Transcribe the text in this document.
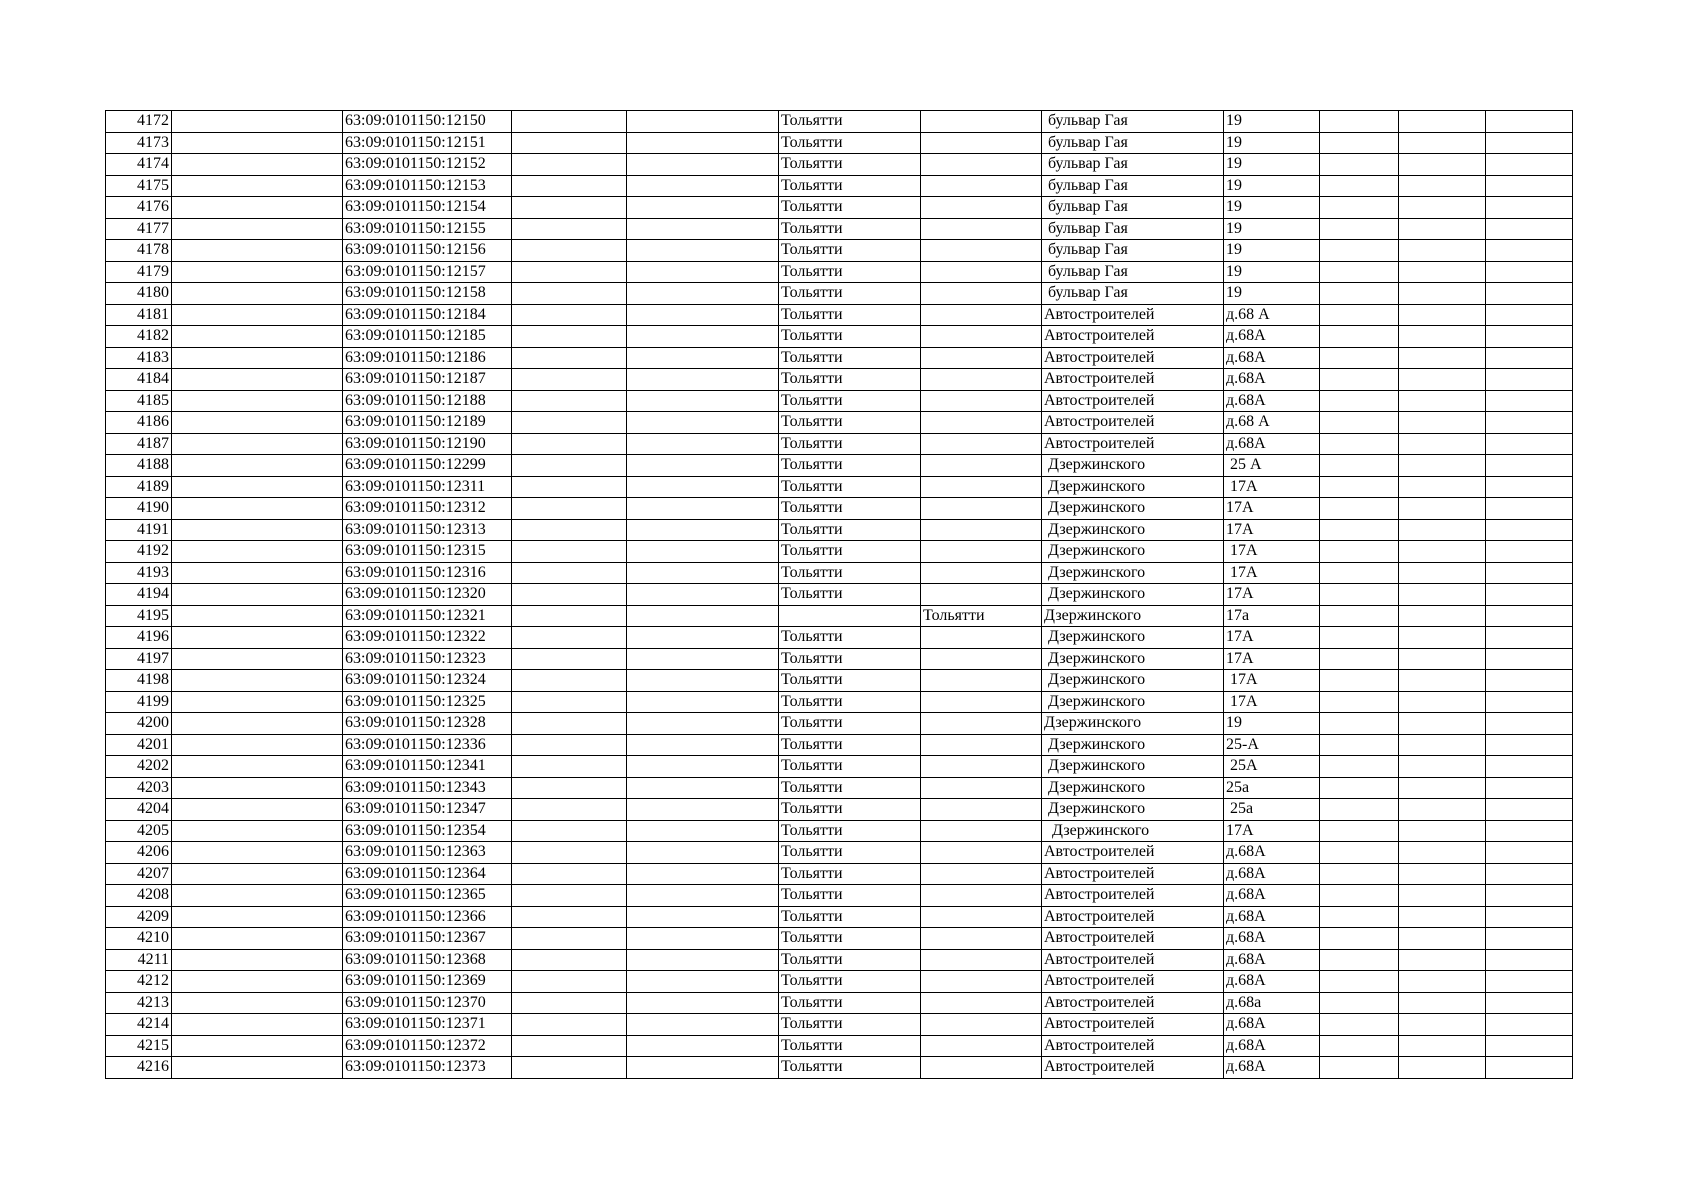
4172		63:09:0101150:12150			Тольятти		бульвар Гая	19			
4173		63:09:0101150:12151			Тольятти		бульвар Гая	19			
4174		63:09:0101150:12152			Тольятти		бульвар Гая	19			
4175		63:09:0101150:12153			Тольятти		бульвар Гая	19			
4176		63:09:0101150:12154			Тольятти		бульвар Гая	19			
4177		63:09:0101150:12155			Тольятти		бульвар Гая	19			
4178		63:09:0101150:12156			Тольятти		бульвар Гая	19			
4179		63:09:0101150:12157			Тольятти		бульвар Гая	19			
4180		63:09:0101150:12158			Тольятти		бульвар Гая	19			
4181		63:09:0101150:12184			Тольятти		Автостроителей	д.68 А			
4182		63:09:0101150:12185			Тольятти		Автостроителей	д.68А			
4183		63:09:0101150:12186			Тольятти		Автостроителей	д.68А			
4184		63:09:0101150:12187			Тольятти		Автостроителей	д.68А			
4185		63:09:0101150:12188			Тольятти		Автостроителей	д.68А			
4186		63:09:0101150:12189			Тольятти		Автостроителей	д.68 А			
4187		63:09:0101150:12190			Тольятти		Автостроителей	д.68А			
4188		63:09:0101150:12299			Тольятти		Дзержинского	25 А			
4189		63:09:0101150:12311			Тольятти		Дзержинского	17А			
4190		63:09:0101150:12312			Тольятти		Дзержинского	17А			
4191		63:09:0101150:12313			Тольятти		Дзержинского	17А			
4192		63:09:0101150:12315			Тольятти		Дзержинского	17А			
4193		63:09:0101150:12316			Тольятти		Дзержинского	17А			
4194		63:09:0101150:12320			Тольятти		Дзержинского	17А			
4195		63:09:0101150:12321				Тольятти	Дзержинского	17а			
4196		63:09:0101150:12322			Тольятти		Дзержинского	17А			
4197		63:09:0101150:12323			Тольятти		Дзержинского	17А			
4198		63:09:0101150:12324			Тольятти		Дзержинского	17А			
4199		63:09:0101150:12325			Тольятти		Дзержинского	17А			
4200		63:09:0101150:12328			Тольятти		Дзержинского	19			
4201		63:09:0101150:12336			Тольятти		Дзержинского	25-А			
4202		63:09:0101150:12341			Тольятти		Дзержинского	25А			
4203		63:09:0101150:12343			Тольятти		Дзержинского	25а			
4204		63:09:0101150:12347			Тольятти		Дзержинского	25а			
4205		63:09:0101150:12354			Тольятти		Дзержинского	17А			
4206		63:09:0101150:12363			Тольятти		Автостроителей	д.68А			
4207		63:09:0101150:12364			Тольятти		Автостроителей	д.68А			
4208		63:09:0101150:12365			Тольятти		Автостроителей	д.68А			
4209		63:09:0101150:12366			Тольятти		Автостроителей	д.68А			
4210		63:09:0101150:12367			Тольятти		Автостроителей	д.68А			
4211		63:09:0101150:12368			Тольятти		Автостроителей	д.68А			
4212		63:09:0101150:12369			Тольятти		Автостроителей	д.68А			
4213		63:09:0101150:12370			Тольятти		Автостроителей	д.68а			
4214		63:09:0101150:12371			Тольятти		Автостроителей	д.68А			
4215		63:09:0101150:12372			Тольятти		Автостроителей	д.68А			
4216		63:09:0101150:12373			Тольятти		Автостроителей	д.68А			
